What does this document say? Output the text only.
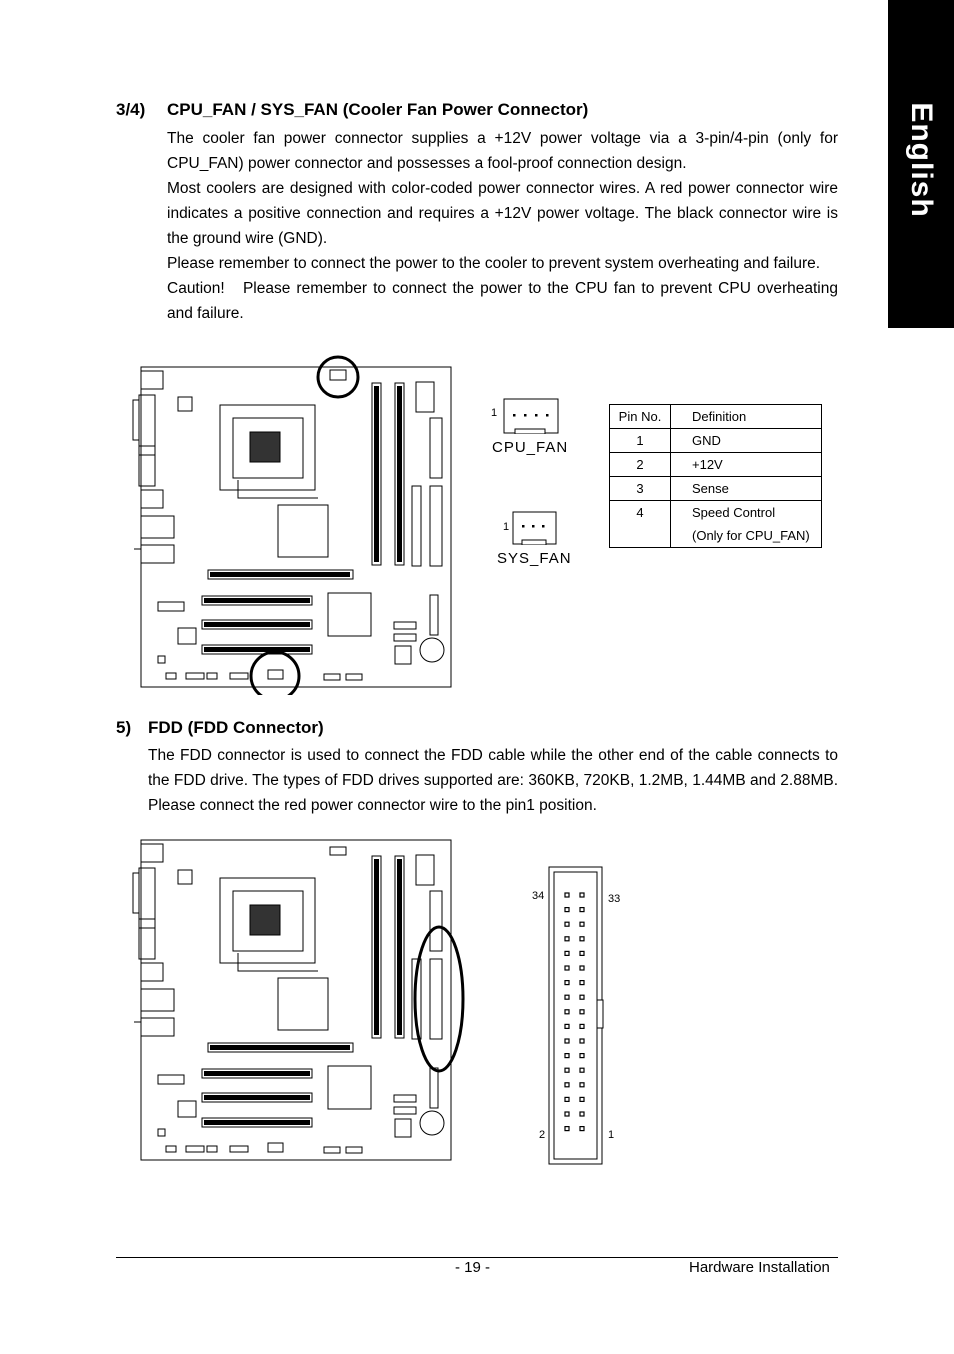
English
3/4) CPU_FAN / SYS_FAN (Cooler Fan Power Connector)

The cooler fan power connector supplies a +12V power voltage via a 3-pin/4-pin (only for CPU_FAN) power connector and possesses a fool-proof connection design.

Most coolers are designed with color-coded power connector wires. A red power connector wire indicates a positive connection and requires a +12V power voltage. The black connector wire is the ground wire (GND).

Please remember to connect the power to the cooler to prevent system overheating and failure.

Caution!   Please remember to connect the power to the CPU fan to prevent CPU overheating and failure.

1
CPU_FAN
1
SYS_FAN
Pin No.	Definition
1	GND
2	+12V
3	Sense
4	Speed Control
	(Only for CPU_FAN)
5) FDD (FDD Connector)
The FDD connector is used to connect the FDD cable while the other end of the cable connects to the FDD drive. The types of FDD drives supported are: 360KB, 720KB, 1.2MB, 1.44MB and 2.88MB. Please connect the red power connector wire to the pin1 position.
34	33
2	1
- 19 -	Hardware Installation
